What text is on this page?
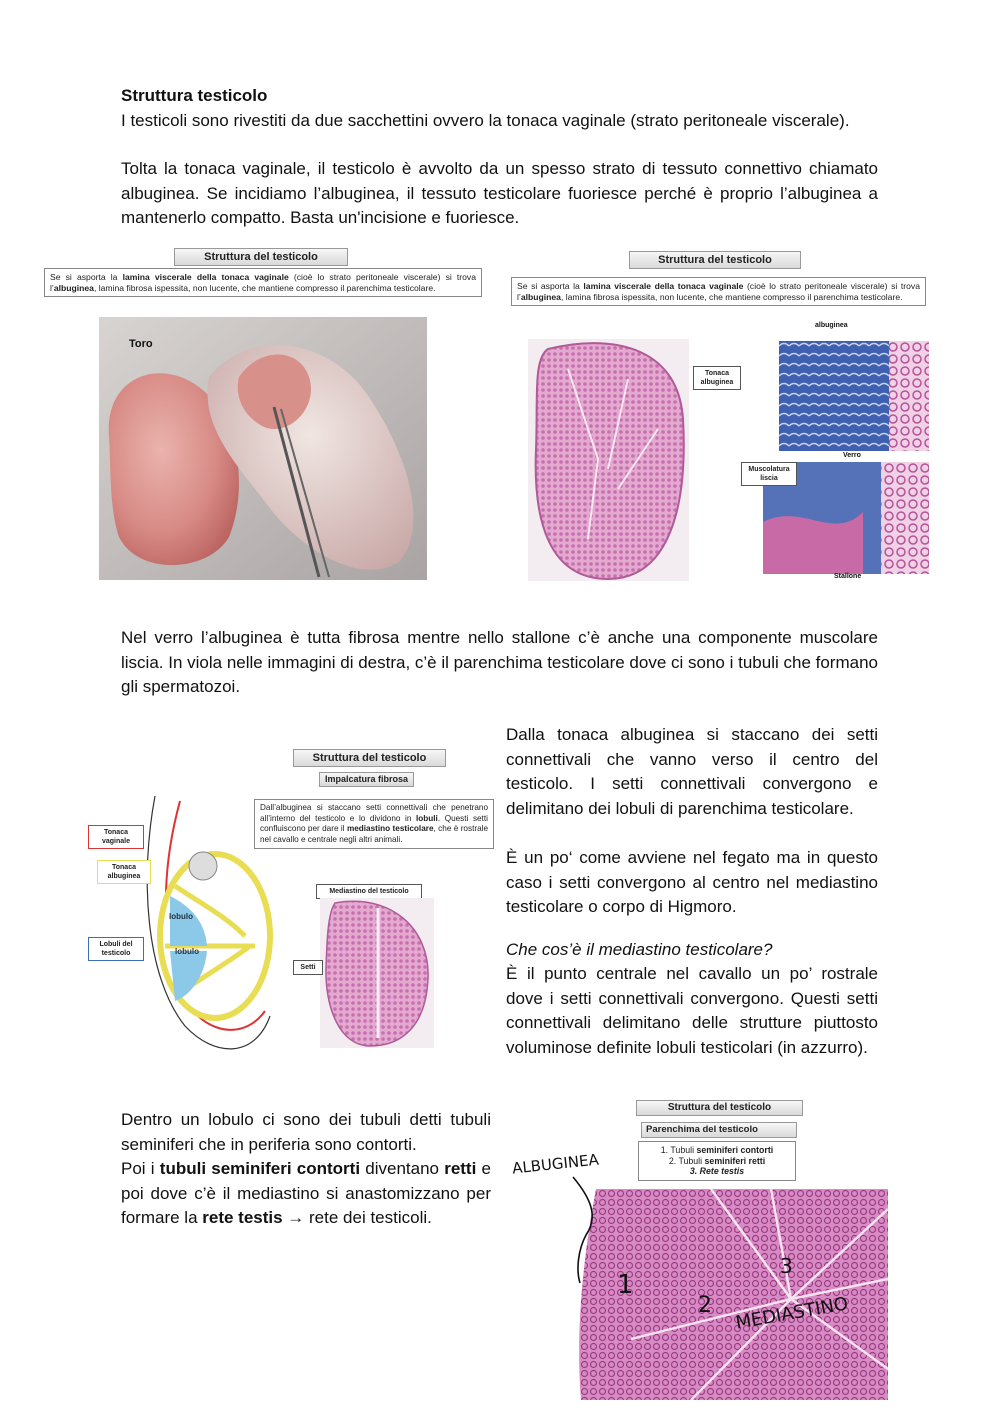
Struttura testicolo

I testicoli sono rivestiti da due sacchettini ovvero la tonaca vaginale (strato peritoneale viscerale).

Tolta la tonaca vaginale, il testicolo è avvolto da un spesso strato di tessuto connettivo chiamato albuginea. Se incidiamo l’albuginea, il tessuto testicolare fuoriesce perché è proprio l’albuginea a mantenerlo compatto. Basta un'incisione e fuoriesce.

Struttura del testicolo
Se si asporta la lamina viscerale della tonaca vaginale (cioè lo strato peritoneale viscerale) si trova l’albuginea, lamina fibrosa ispessita, non lucente, che mantiene compresso il parenchima testicolare.
Toro
Struttura del testicolo
Se si asporta la lamina viscerale della tonaca vaginale (cioè lo strato peritoneale viscerale) si trova l’albuginea, lamina fibrosa ispessita, non lucente, che mantiene compresso il parenchima testicolare.
Tonaca albuginea
albuginea
Verro
Muscolatura liscia
Stallone

Nel verro l’albuginea è tutta fibrosa mentre nello stallone c’è anche una componente muscolare liscia. In viola nelle immagini di destra, c’è il parenchima testicolare dove ci sono i tubuli che formano gli spermatozoi.

Struttura del testicolo
Impalcatura fibrosa
Dall’albuginea si staccano setti connettivali che penetrano all’interno del testicolo e lo dividono in lobuli. Questi setti confluiscono per dare il mediastino testicolare, che è rostrale nel cavallo e centrale negli altri animali.
lobulo
lobulo
Tonaca vaginale
Tonaca albuginea
Lobuli del testicolo
Mediastino del testicolo
Setti

Dalla tonaca albuginea si staccano dei setti connettivali che vanno verso il centro del testicolo. I setti connettivali convergono e delimitano dei lobuli di parenchima testicolare.

È un po‘ come avviene nel fegato ma in questo caso i setti convergono al centro nel mediastino testicolare o corpo di Higmoro.

Che cos’è il mediastino testicolare?

È il punto centrale nel cavallo un po’ rostrale dove i setti connettivali convergono. Questi setti connettivali delimitano delle strutture piuttosto voluminose definite lobuli testicolari (in azzurro).

Dentro un lobulo ci sono dei tubuli detti tubuli seminiferi che in periferia sono contorti.

Poi i tubuli seminiferi contorti diventano retti e poi dove c’è il mediastino si anastomizzano per formare la rete testis → rete dei testicoli.

Struttura del testicolo
Parenchima del testicolo
1. Tubuli seminiferi contorti
2. Tubuli seminiferi retti
3. Rete testis
ALBUGINEA
1
2
3
MEDIASTINO
